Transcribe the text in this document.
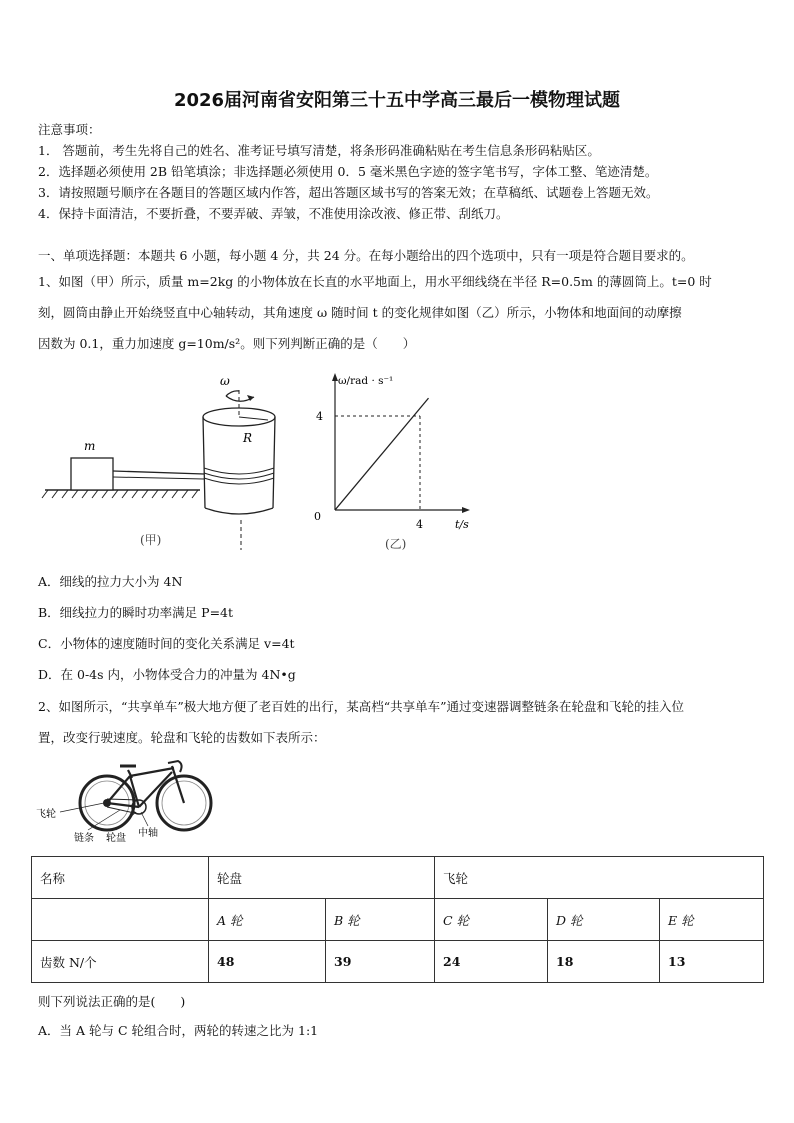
2026届河南省安阳第三十五中学高三最后一模物理试题
注意事项：
1． 答题前，考生先将自己的姓名、准考证号填写清楚，将条形码准确粘贴在考生信息条形码粘贴区。
2．选择题必须使用 2B 铅笔填涂；非选择题必须使用 0．5 毫米黑色字迹的签字笔书写，字体工整、笔迹清楚。
3．请按照题号顺序在各题目的答题区域内作答，超出答题区域书写的答案无效；在草稿纸、试题卷上答题无效。
4．保持卡面清洁，不要折叠，不要弄破、弄皱，不准使用涂改液、修正带、刮纸刀。
一、单项选择题：本题共 6 小题，每小题 4 分，共 24 分。在每小题给出的四个选项中，只有一项是符合题目要求的。
1、如图（甲）所示，质量 m=2kg 的小物体放在长直的水平地面上，用水平细线绕在半径 R=0.5m 的薄圆筒上。t=0 时
刻，圆筒由静止开始绕竖直中心轴转动，其角速度 ω 随时间 t 的变化规律如图（乙）所示，小物体和地面间的动摩擦
因数为 0.1，重力加速度 g=10m/s²。则下列判断正确的是（　　）
m
R
ω
(甲)
ω/rad · s⁻¹
t/s
0
4
4
(乙)
A．细线的拉力大小为 4N
B．细线拉力的瞬时功率满足 P=4t
C．小物体的速度随时间的变化关系满足 v=4t
D．在 0-4s 内，小物体受合力的冲量为 4N•g
2、如图所示，“共享单车”极大地方便了老百姓的出行，某高档“共享单车”通过变速器调整链条在轮盘和飞轮的挂入位
置，改变行驶速度。轮盘和飞轮的齿数如下表所示：
飞轮
链条 轮盘 中轴
名称	轮盘		飞轮		
	A 轮	B 轮	C 轮	D 轮	E 轮
齿数 N/个	48	39	24	18	13
则下列说法正确的是(　　)
A．当 A 轮与 C 轮组合时，两轮的转速之比为 1:1
